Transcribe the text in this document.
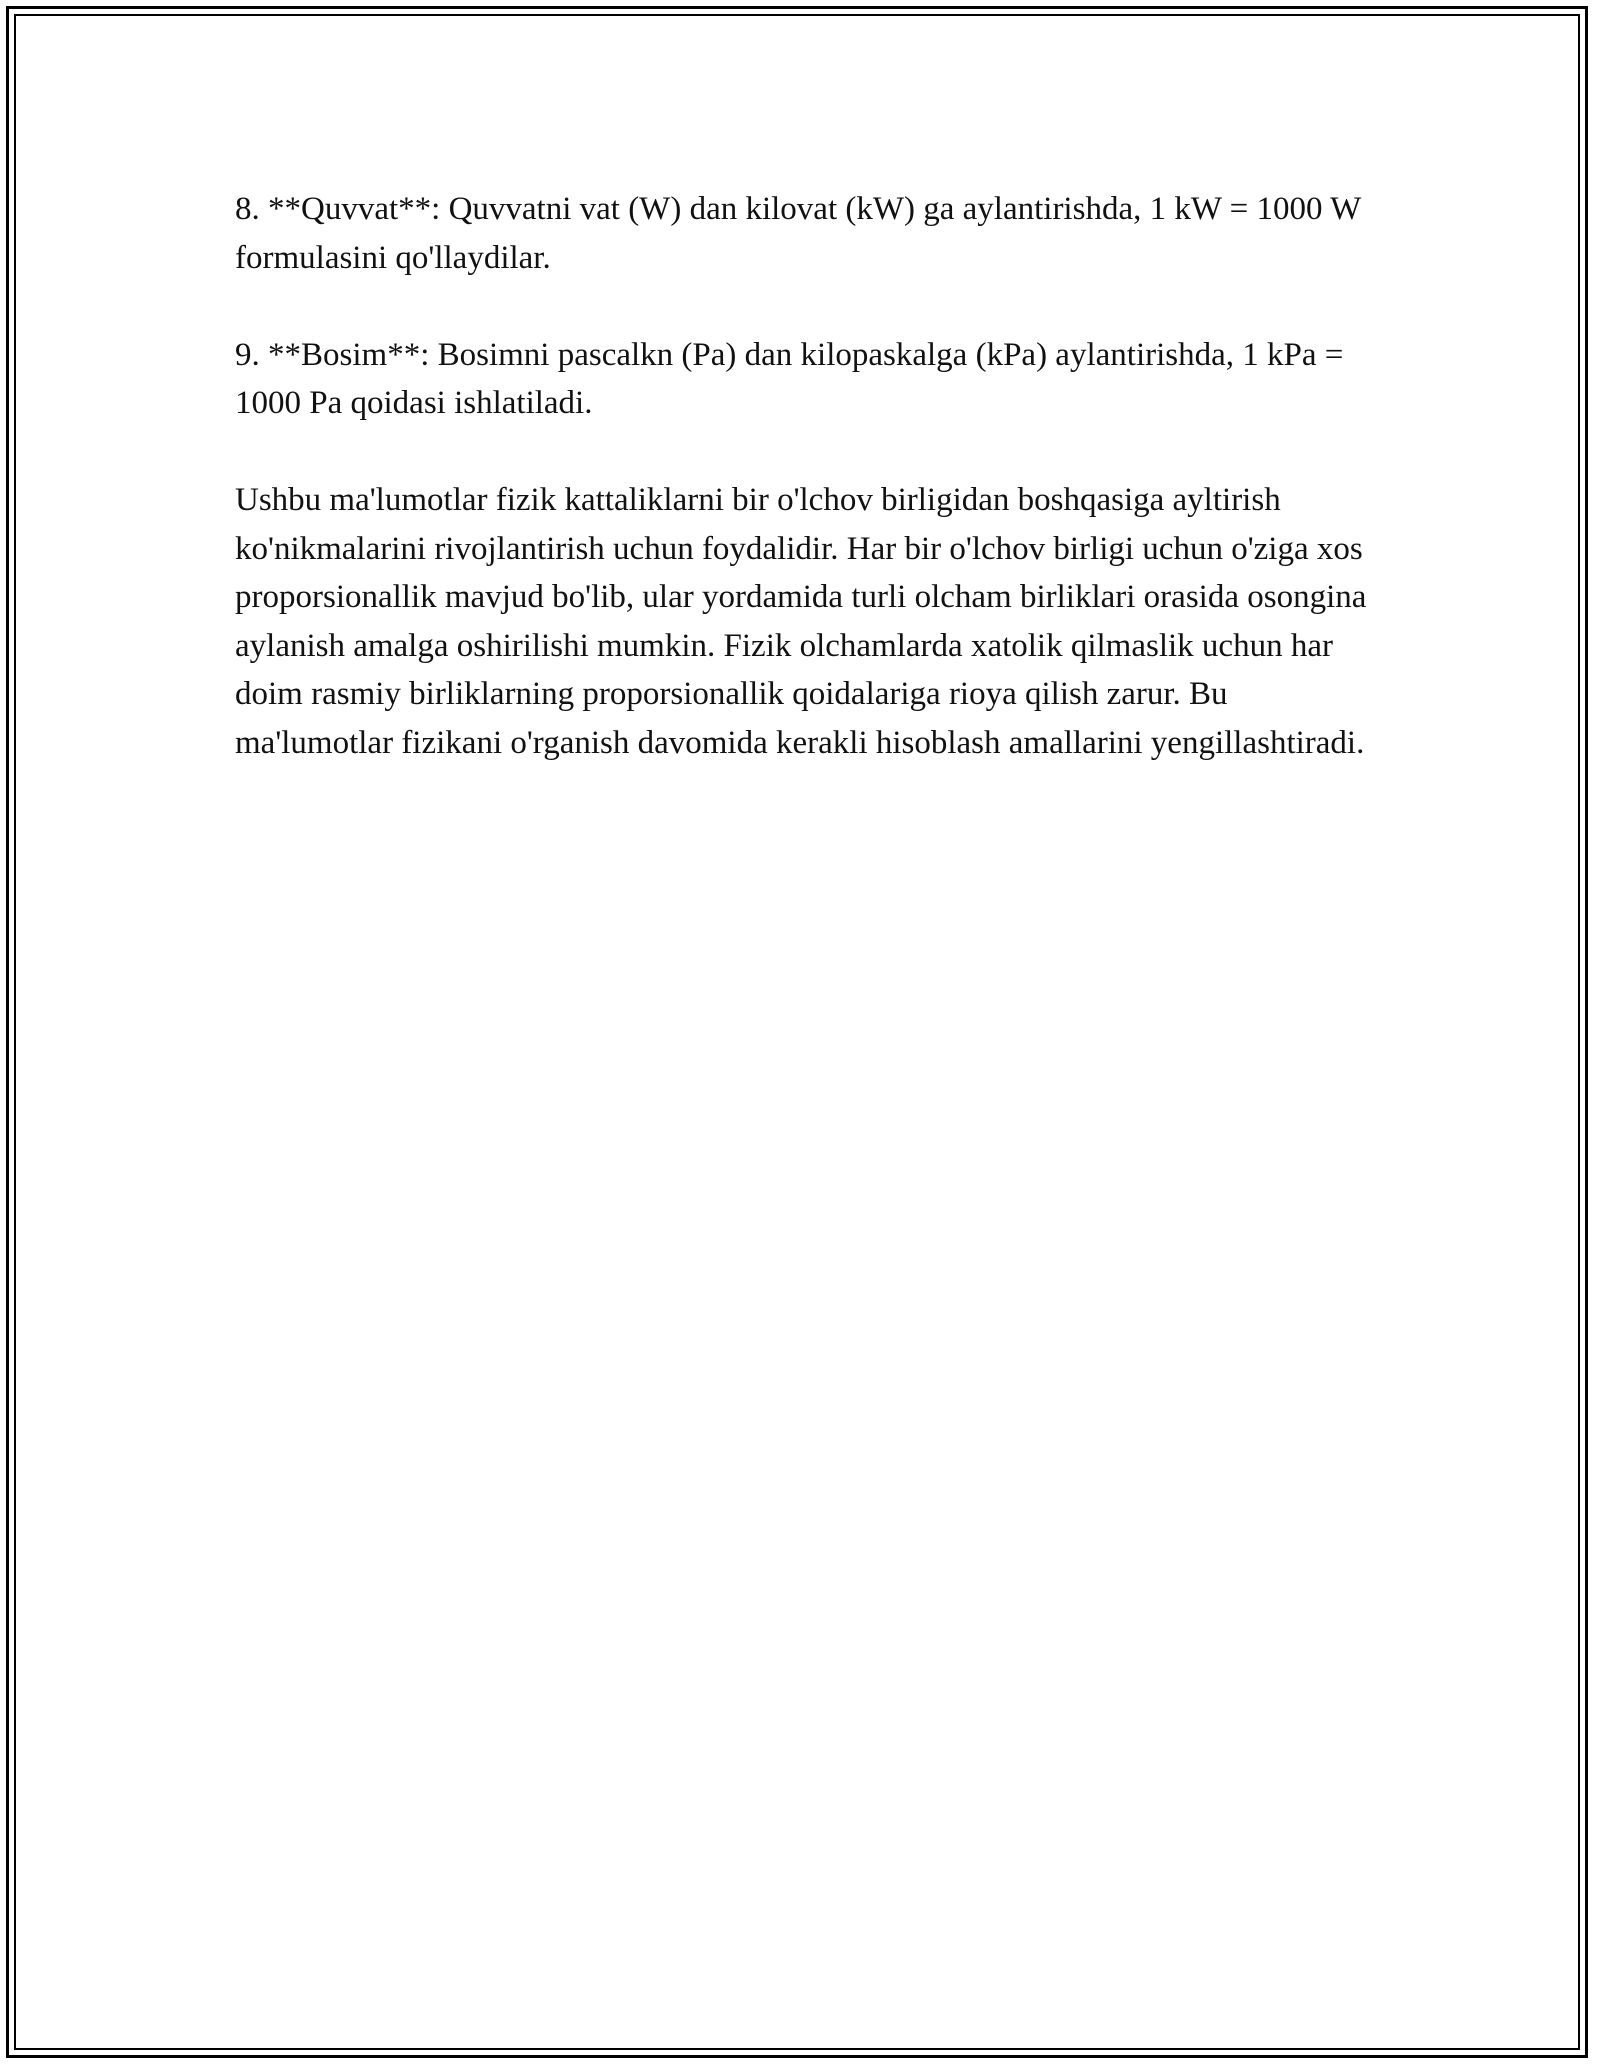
8. **Quvvat**: Quvvatni vat (W) dan kilovat (kW) ga aylantirishda, 1 kW = 1000 W formulasini qo'llaydilar.

9. **Bosim**: Bosimni pascalkn (Pa) dan kilopaskalga (kPa) aylantirishda, 1 kPa = 1000 Pa qoidasi ishlatiladi.

Ushbu ma'lumotlar fizik kattaliklarni bir o'lchov birligidan boshqasiga ayltirish ko'nikmalarini rivojlantirish uchun foydalidir. Har bir o'lchov birligi uchun o'ziga xos proporsionallik mavjud bo'lib, ular yordamida turli olcham birliklari orasida osongina aylanish amalga oshirilishi mumkin. Fizik olchamlarda xatolik qilmaslik uchun har doim rasmiy birliklarning proporsionallik qoidalariga rioya qilish zarur. Bu ma'lumotlar fizikani o'rganish davomida kerakli hisoblash amallarini yengillashtiradi.
